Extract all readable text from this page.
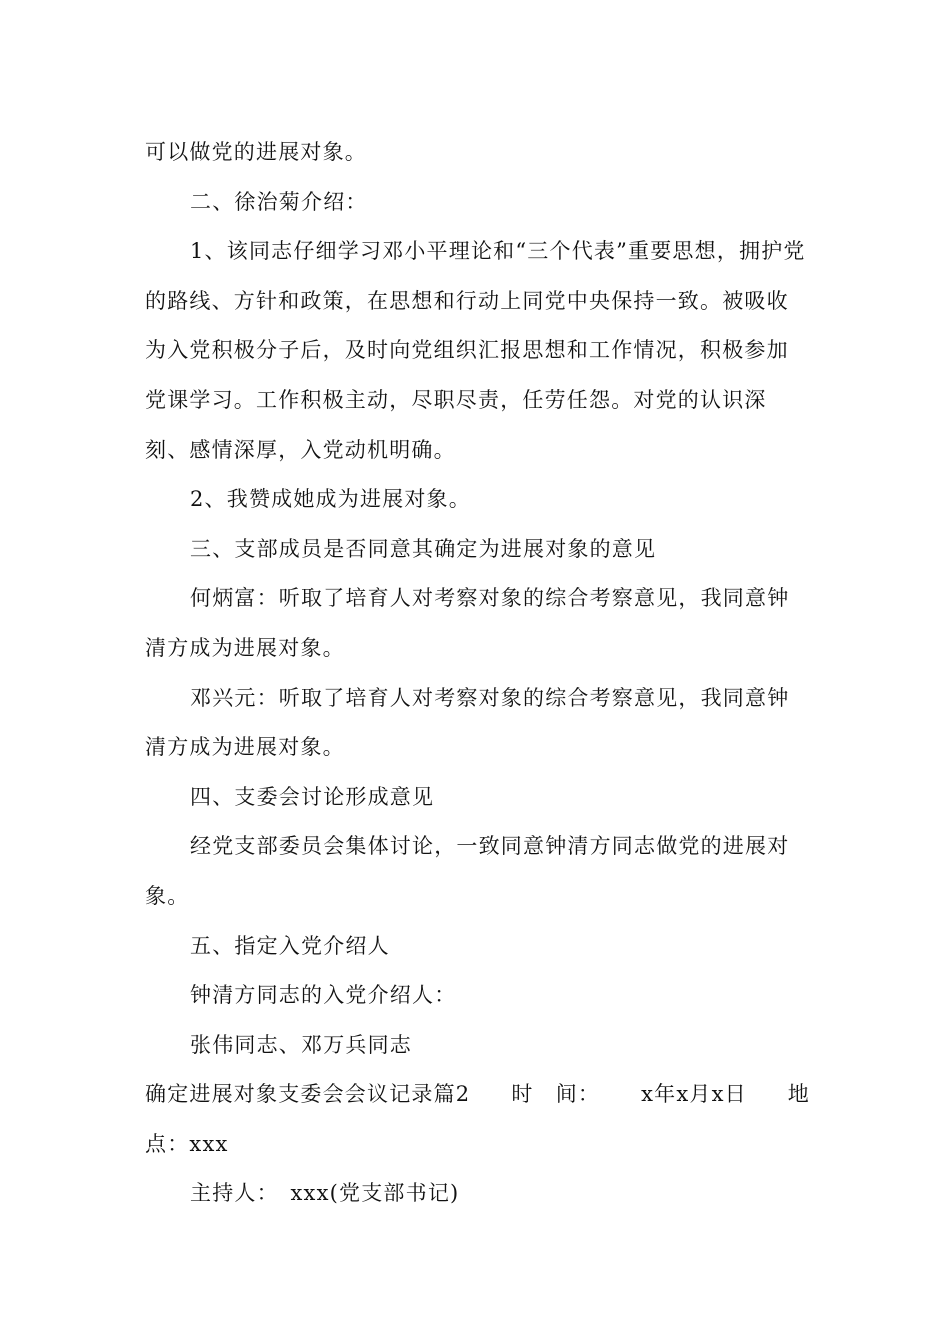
可以做党的进展对象。

二、徐治菊介绍：

1、该同志仔细学习邓小平理论和“三个代表”重要思想，拥护党的路线、方针和政策，在思想和行动上同党中央保持一致。被吸收为入党积极分子后，及时向党组织汇报思想和工作情况，积极参加党课学习。工作积极主动，尽职尽责，任劳任怨。对党的认识深刻、感情深厚，入党动机明确。

2、我赞成她成为进展对象。

三、支部成员是否同意其确定为进展对象的意见

何炳富：听取了培育人对考察对象的综合考察意见，我同意钟清方成为进展对象。

邓兴元：听取了培育人对考察对象的综合考察意见，我同意钟清方成为进展对象。

四、支委会讨论形成意见

经党支部委员会集体讨论，一致同意钟清方同志做党的进展对象。

五、指定入党介绍人

钟清方同志的入党介绍人：

张伟同志、邓万兵同志

确定进展对象支委会会议记录篇2 时　间： x年x月x日 地

点：xxx

主持人：　xxx(党支部书记)
